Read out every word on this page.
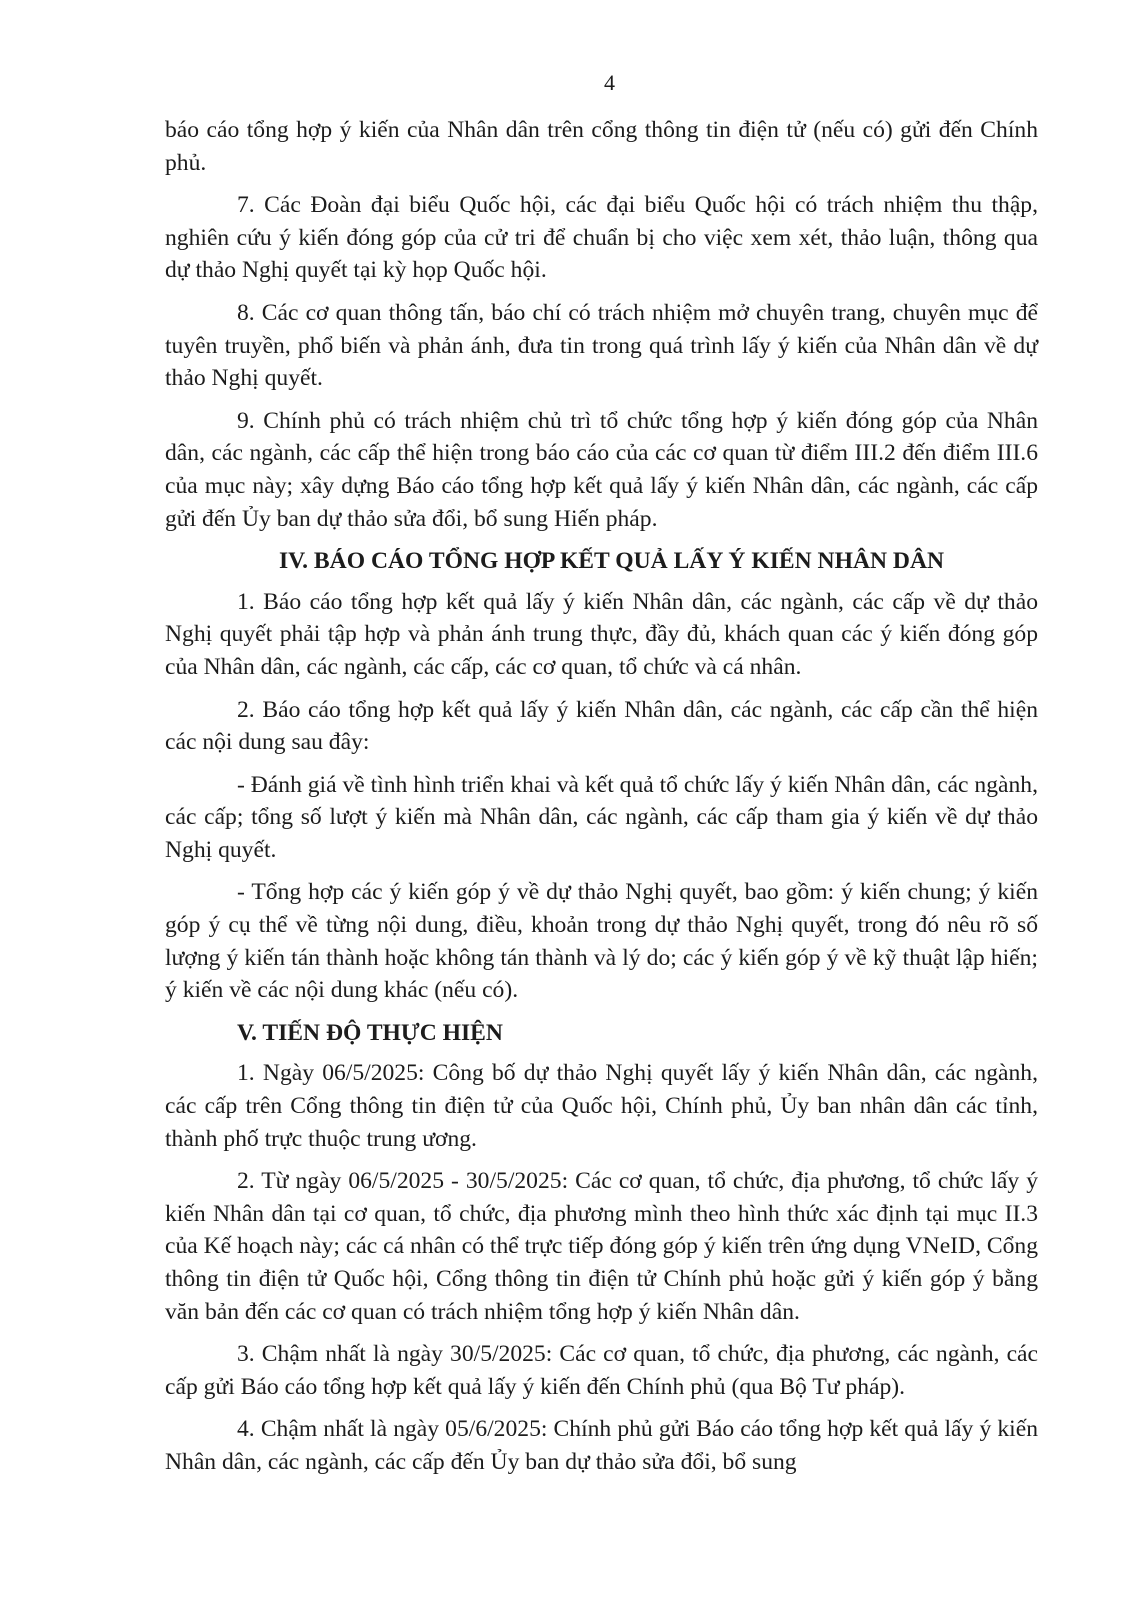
4

báo cáo tổng hợp ý kiến của Nhân dân trên cổng thông tin điện tử (nếu có) gửi đến Chính phủ.

7. Các Đoàn đại biểu Quốc hội, các đại biểu Quốc hội có trách nhiệm thu thập, nghiên cứu ý kiến đóng góp của cử tri để chuẩn bị cho việc xem xét, thảo luận, thông qua dự thảo Nghị quyết tại kỳ họp Quốc hội.

8. Các cơ quan thông tấn, báo chí có trách nhiệm mở chuyên trang, chuyên mục để tuyên truyền, phổ biến và phản ánh, đưa tin trong quá trình lấy ý kiến của Nhân dân về dự thảo Nghị quyết.

9. Chính phủ có trách nhiệm chủ trì tổ chức tổng hợp ý kiến đóng góp của Nhân dân, các ngành, các cấp thể hiện trong báo cáo của các cơ quan từ điểm III.2 đến điểm III.6 của mục này; xây dựng Báo cáo tổng hợp kết quả lấy ý kiến Nhân dân, các ngành, các cấp gửi đến Ủy ban dự thảo sửa đổi, bổ sung Hiến pháp.

IV. BÁO CÁO TỔNG HỢP KẾT QUẢ LẤY Ý KIẾN NHÂN DÂN

1. Báo cáo tổng hợp kết quả lấy ý kiến Nhân dân, các ngành, các cấp về dự thảo Nghị quyết phải tập hợp và phản ánh trung thực, đầy đủ, khách quan các ý kiến đóng góp của Nhân dân, các ngành, các cấp, các cơ quan, tổ chức và cá nhân.

2. Báo cáo tổng hợp kết quả lấy ý kiến Nhân dân, các ngành, các cấp cần thể hiện các nội dung sau đây:

- Đánh giá về tình hình triển khai và kết quả tổ chức lấy ý kiến Nhân dân, các ngành, các cấp; tổng số lượt ý kiến mà Nhân dân, các ngành, các cấp tham gia ý kiến về dự thảo Nghị quyết.

- Tổng hợp các ý kiến góp ý về dự thảo Nghị quyết, bao gồm: ý kiến chung; ý kiến góp ý cụ thể về từng nội dung, điều, khoản trong dự thảo Nghị quyết, trong đó nêu rõ số lượng ý kiến tán thành hoặc không tán thành và lý do; các ý kiến góp ý về kỹ thuật lập hiến; ý kiến về các nội dung khác (nếu có).

V. TIẾN ĐỘ THỰC HIỆN

1. Ngày 06/5/2025: Công bố dự thảo Nghị quyết lấy ý kiến Nhân dân, các ngành, các cấp trên Cổng thông tin điện tử của Quốc hội, Chính phủ, Ủy ban nhân dân các tỉnh, thành phố trực thuộc trung ương.

2. Từ ngày 06/5/2025 - 30/5/2025: Các cơ quan, tổ chức, địa phương, tổ chức lấy ý kiến Nhân dân tại cơ quan, tổ chức, địa phương mình theo hình thức xác định tại mục II.3 của Kế hoạch này; các cá nhân có thể trực tiếp đóng góp ý kiến trên ứng dụng VNeID, Cổng thông tin điện tử Quốc hội, Cổng thông tin điện tử Chính phủ hoặc gửi ý kiến góp ý bằng văn bản đến các cơ quan có trách nhiệm tổng hợp ý kiến Nhân dân.

3. Chậm nhất là ngày 30/5/2025: Các cơ quan, tổ chức, địa phương, các ngành, các cấp gửi Báo cáo tổng hợp kết quả lấy ý kiến đến Chính phủ (qua Bộ Tư pháp).

4. Chậm nhất là ngày 05/6/2025: Chính phủ gửi Báo cáo tổng hợp kết quả lấy ý kiến Nhân dân, các ngành, các cấp đến Ủy ban dự thảo sửa đổi, bổ sung
